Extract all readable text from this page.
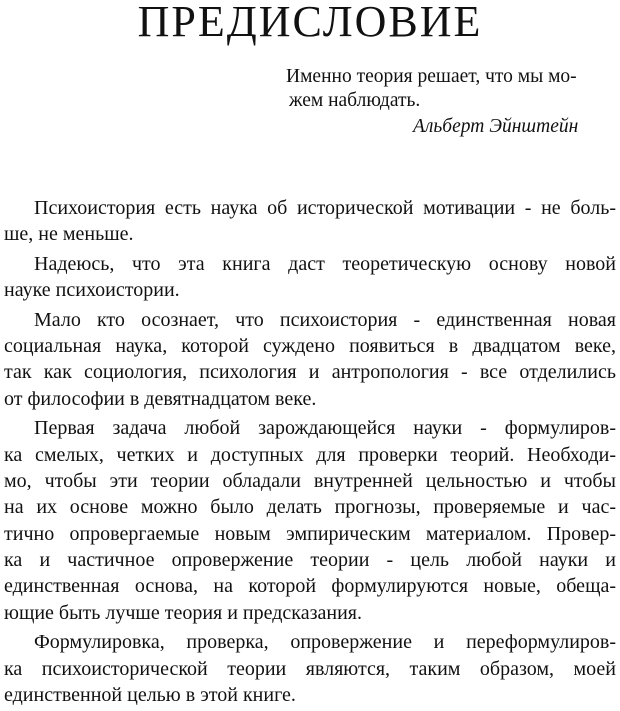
ПРЕДИСЛОВИЕ
Именно теория решает, что мы мо-
жем наблюдать.
Альберт Эйнштейн
Психоистория есть наука об исторической мотивации - не боль-
ше, не меньше.
Надеюсь, что эта книга даст теоретическую основу новой
науке психоистории.
Мало кто осознает, что психоистория - единственная новая
социальная наука, которой суждено появиться в двадцатом веке,
так как социология, психология и антропология - все отделились
от философии в девятнадцатом веке.
Первая задача любой зарождающейся науки - формулиров-
ка смелых, четких и доступных для проверки теорий. Необходи-
мо, чтобы эти теории обладали внутренней цельностью и чтобы
на их основе можно было делать прогнозы, проверяемые и час-
тично опровергаемые новым эмпирическим материалом. Провер-
ка и частичное опровержение теории - цель любой науки и
единственная основа, на которой формулируются новые, обеща-
ющие быть лучше теория и предсказания.
Формулировка, проверка, опровержение и переформулиров-
ка психоисторической теории являются, таким образом, моей
единственной целью в этой книге.
